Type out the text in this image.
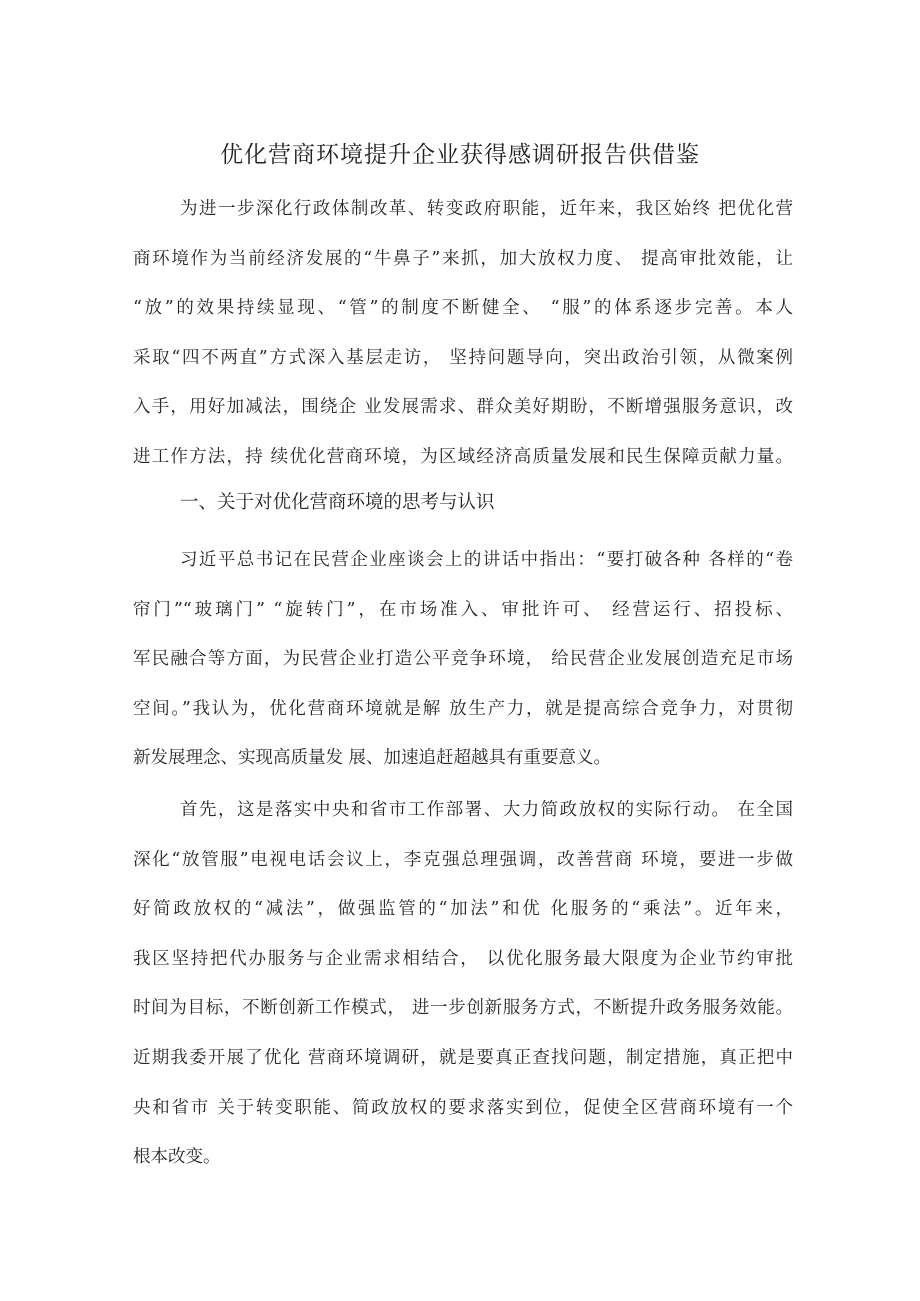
优化营商环境提升企业获得感调研报告供借鉴
为进一步深化行政体制改革、转变政府职能，近年来，我区始终 把优化营
商环境作为当前经济发展的“牛鼻子”来抓，加大放权力度、 提高审批效能，让
“放”的效果持续显现、“管”的制度不断健全、 “服”的体系逐步完善。本人
采取“四不两直”方式深入基层走访， 坚持问题导向，突出政治引领，从微案例
入手，用好加减法，围绕企 业发展需求、群众美好期盼，不断增强服务意识，改
进工作方法，持 续优化营商环境，为区域经济高质量发展和民生保障贡献力量。
一、关于对优化营商环境的思考与认识
习近平总书记在民营企业座谈会上的讲话中指出：“要打破各种 各样的“卷
帘门”“玻璃门” “旋转门”，在市场准入、审批许可、 经营运行、招投标、
军民融合等方面，为民营企业打造公平竞争环境， 给民营企业发展创造充足市场
空间。”我认为，优化营商环境就是解 放生产力，就是提高综合竞争力，对贯彻
新发展理念、实现高质量发 展、加速追赶超越具有重要意义。
首先，这是落实中央和省市工作部署、大力简政放权的实际行动。 在全国
深化“放管服”电视电话会议上，李克强总理强调，改善营商 环境，要进一步做
好简政放权的“减法”，做强监管的“加法”和优 化服务的“乘法”。近年来，
我区坚持把代办服务与企业需求相结合， 以优化服务最大限度为企业节约审批
时间为目标，不断创新工作模式， 进一步创新服务方式，不断提升政务服务效能。
近期我委开展了优化 营商环境调研，就是要真正查找问题，制定措施，真正把中
央和省市 关于转变职能、简政放权的要求落实到位，促使全区营商环境有一个
根本改变。
